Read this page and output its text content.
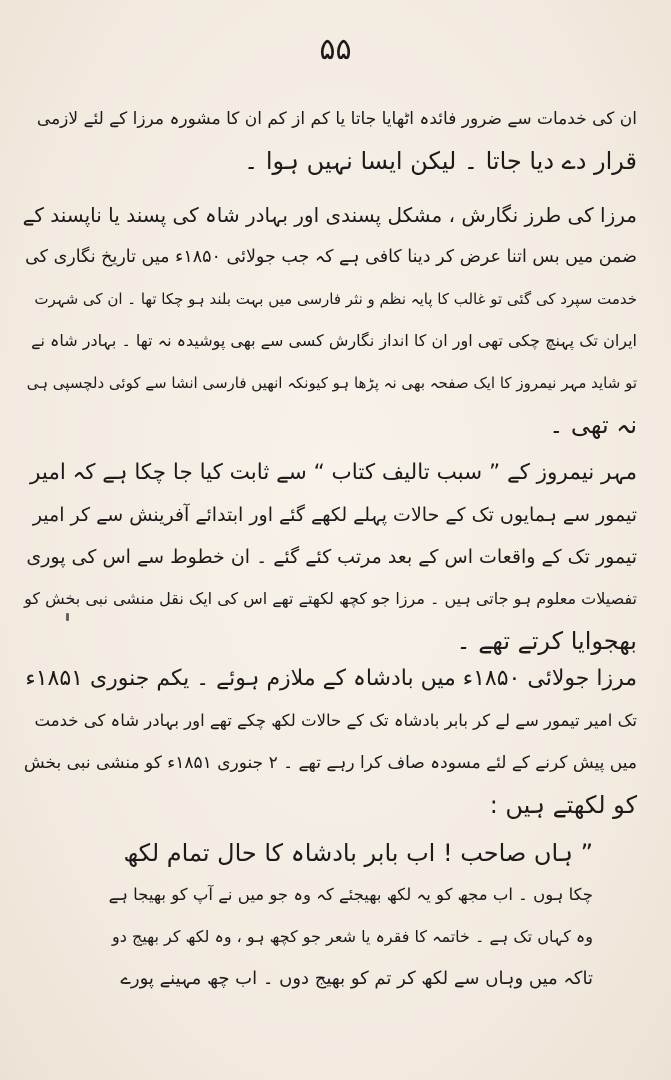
۵۵
ان کی خدمات سے ضرور فائدہ اٹھایا جاتا یا کم از کم ان کا مشورہ مرزا کے لئے لازمی
قرار دے دیا جاتا ۔ لیکن ایسا نہیں ہوا ۔
مرزا کی طرز نگارش ، مشکل پسندی اور بہادر شاہ کی پسند یا ناپسند کے
ضمن میں بس اتنا عرض کر دینا کافی ہے کہ جب جولائی ۱۸۵۰ء میں تاریخ نگاری کی
خدمت سپرد کی گئی تو غالب کا پایہ نظم و نثر فارسی میں بہت بلند ہو چکا تھا ۔ ان کی شہرت
ایران تک پہنچ چکی تھی اور ان کا انداز نگارش کسی سے بھی پوشیدہ نہ تھا ۔ بہادر شاہ نے
تو شاید مہر نیمروز کا ایک صفحہ بھی نہ پڑھا ہو کیونکہ انھیں فارسی انشا سے کوئی دلچسپی ہی
نہ تھی ۔
مہر نیمروز کے ” سبب تالیف کتاب “ سے ثابت کیا جا چکا ہے کہ امیر
تیمور سے ہمایوں تک کے حالات پہلے لکھے گئے اور ابتدائے آفرینش سے کر امیر
تیمور تک کے واقعات اس کے بعد مرتب کئے گئے ۔ ان خطوط سے اس کی پوری
تفصیلات معلوم ہو جاتی ہیں ۔ مرزا جو کچھ لکھتے تھے اس کی ایک نقل منشی نبی بخش کو
بھجوایا کرتے تھے ۔
مرزا جولائی ۱۸۵۰ء میں بادشاہ کے ملازم ہوئے ۔ یکم جنوری ۱۸۵۱ء
تک امیر تیمور سے لے کر بابر بادشاہ تک کے حالات لکھ چکے تھے اور بہادر شاہ کی خدمت
میں پیش کرنے کے لئے مسودہ صاف کرا رہے تھے ۔ ۲ جنوری ۱۸۵۱ء کو منشی نبی بخش
کو لکھتے ہیں :
” ہاں صاحب ! اب بابر بادشاہ کا حال تمام لکھ
چکا ہوں ۔ اب مجھ کو یہ لکھ بھیجئے کہ وہ جو میں نے آپ کو بھیجا ہے
وہ کہاں تک ہے ۔ خاتمہ کا فقرہ یا شعر جو کچھ ہو ، وہ لکھ کر بھیج دو
تاکہ میں وہاں سے لکھ کر تم کو بھیج دوں ۔ اب چھ مہینے پورے
